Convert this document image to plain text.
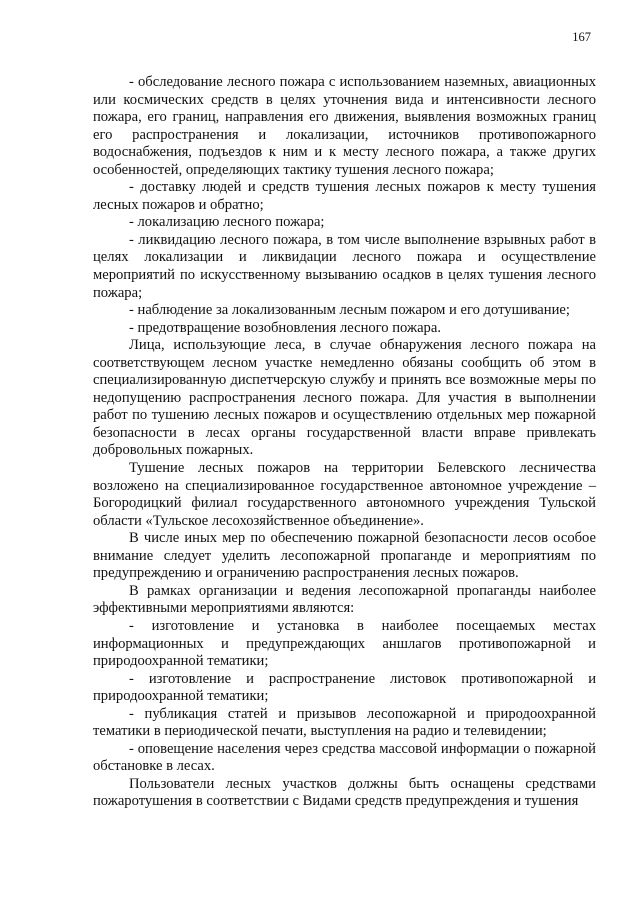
167

- обследование лесного пожара с использованием наземных, авиационных или космических средств в целях уточнения вида и интенсивности лесного пожара, его границ, направления его движения, выявления возможных границ его распространения и локализации, источников противопожарного водоснабжения, подъездов к ним и к месту лесного пожара, а также других особенностей, определяющих тактику тушения лесного пожара;

- доставку людей и средств тушения лесных пожаров к месту тушения лесных пожаров и обратно;

- локализацию лесного пожара;

- ликвидацию лесного пожара, в том числе выполнение взрывных работ в целях локализации и ликвидации лесного пожара и осуществление мероприятий по искусственному вызыванию осадков в целях тушения лесного пожара;

- наблюдение за локализованным лесным пожаром и его дотушивание;

- предотвращение возобновления лесного пожара.

Лица, использующие леса, в случае обнаружения лесного пожара на соответствующем лесном участке немедленно обязаны сообщить об этом в специализированную диспетчерскую службу и принять все возможные меры по недопущению распространения лесного пожара. Для участия в выполнении работ по тушению лесных пожаров и осуществлению отдельных мер пожарной безопасности в лесах органы государственной власти вправе привлекать добровольных пожарных.

Тушение лесных пожаров на территории Белевского лесничества возложено на специализированное государственное автономное учреждение – Богородицкий филиал государственного автономного учреждения Тульской области «Тульское лесохозяйственное объединение».

В числе иных мер по обеспечению пожарной безопасности лесов особое внимание следует уделить лесопожарной пропаганде и мероприятиям по предупреждению и ограничению распространения лесных пожаров.

В рамках организации и ведения лесопожарной пропаганды наиболее эффективными мероприятиями являются:

- изготовление и установка в наиболее посещаемых местах информационных и предупреждающих аншлагов противопожарной и природоохранной тематики;

- изготовление и распространение листовок противопожарной и природоохранной тематики;

- публикация статей и призывов лесопожарной и природоохранной тематики в периодической печати, выступления на радио и телевидении;

- оповещение населения через средства массовой информации о пожарной обстановке в лесах.

Пользователи лесных участков должны быть оснащены средствами пожаротушения в соответствии с Видами средств предупреждения и тушения
